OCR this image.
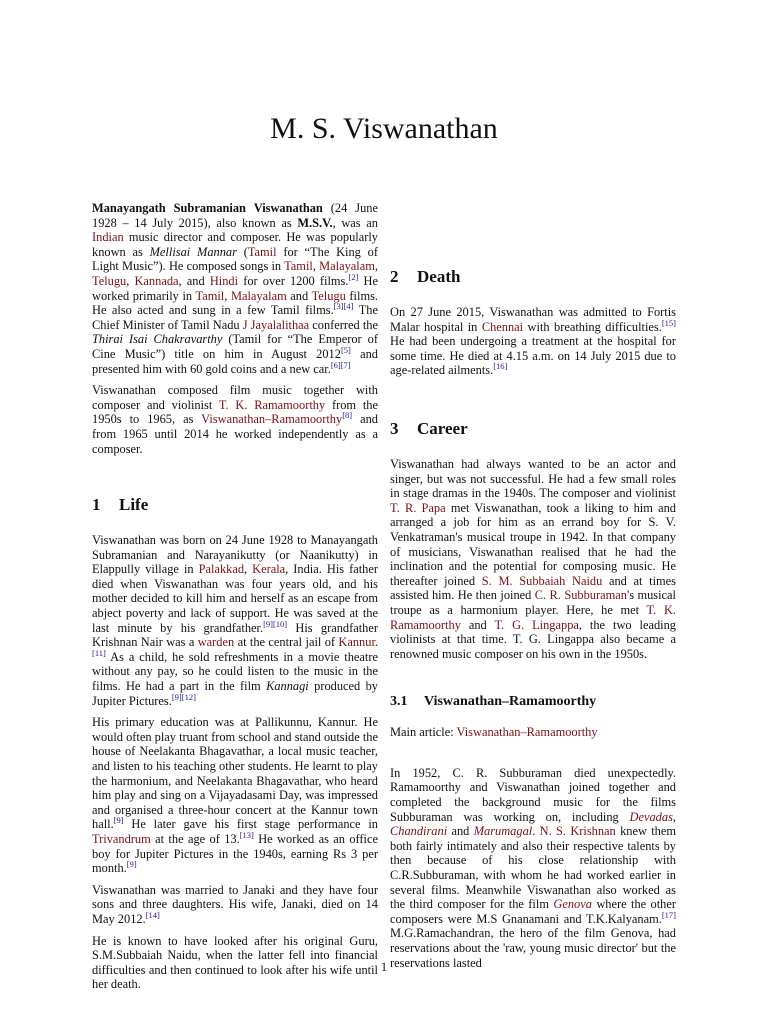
M. S. Viswanathan

Manayangath Subramanian Viswanathan (24 June 1928 – 14 July 2015), also known as M.S.V., was an Indian music director and composer. He was popularly known as Mellisai Mannar (Tamil for “The King of Light Music”). He composed songs in Tamil, Malayalam, Telugu, Kannada, and Hindi for over 1200 films.[2] He worked primarily in Tamil, Malayalam and Telugu films. He also acted and sung in a few Tamil films.[3][4] The Chief Minister of Tamil Nadu J Jayalalithaa conferred the Thirai Isai Chakravarthy (Tamil for “The Emperor of Cine Music”) title on him in August 2012[5] and presented him with 60 gold coins and a new car.[6][7]

Viswanathan composed film music together with composer and violinist T. K. Ramamoorthy from the 1950s to 1965, as Viswanathan–Ramamoorthy[8] and from 1965 until 2014 he worked independently as a composer.

1 Life

Viswanathan was born on 24 June 1928 to Manayangath Subramanian and Narayanikutty (or Naanikutty) in Elappully village in Palakkad, Kerala, India. His father died when Viswanathan was four years old, and his mother decided to kill him and herself as an escape from abject poverty and lack of support. He was saved at the last minute by his grandfather.[9][10] His grandfather Krishnan Nair was a warden at the central jail of Kannur.[11] As a child, he sold refreshments in a movie theatre without any pay, so he could listen to the music in the films. He had a part in the film Kannagi produced by Jupiter Pictures.[9][12]

His primary education was at Pallikunnu, Kannur. He would often play truant from school and stand outside the house of Neelakanta Bhagavathar, a local music teacher, and listen to his teaching other students. He learnt to play the harmonium, and Neelakanta Bhagavathar, who heard him play and sing on a Vijayadasami Day, was impressed and organised a three-hour concert at the Kannur town hall.[9] He later gave his first stage performance in Trivandrum at the age of 13.[13] He worked as an office boy for Jupiter Pictures in the 1940s, earning Rs 3 per month.[9]

Viswanathan was married to Janaki and they have four sons and three daughters. His wife, Janaki, died on 14 May 2012.[14]

He is known to have looked after his original Guru, S.M.Subbaiah Naidu, when the latter fell into financial difficulties and then continued to look after his wife until her death.

2 Death

On 27 June 2015, Viswanathan was admitted to Fortis Malar hospital in Chennai with breathing difficulties.[15] He had been undergoing a treatment at the hospital for some time. He died at 4.15 a.m. on 14 July 2015 due to age-related ailments.[16]

3 Career

Viswanathan had always wanted to be an actor and singer, but was not successful. He had a few small roles in stage dramas in the 1940s. The composer and violinist T. R. Papa met Viswanathan, took a liking to him and arranged a job for him as an errand boy for S. V. Venkatraman's musical troupe in 1942. In that company of musicians, Viswanathan realised that he had the inclination and the potential for composing music. He thereafter joined S. M. Subbaiah Naidu and at times assisted him. He then joined C. R. Subburaman's musical troupe as a harmonium player. Here, he met T. K. Ramamoorthy and T. G. Lingappa, the two leading violinists at that time. T. G. Lingappa also became a renowned music composer on his own in the 1950s.

3.1 Viswanathan–Ramamoorthy

Main article: Viswanathan–Ramamoorthy

In 1952, C. R. Subburaman died unexpectedly. Ramamoorthy and Viswanathan joined together and completed the background music for the films Subburaman was working on, including Devadas, Chandirani and Marumagal. N. S. Krishnan knew them both fairly intimately and also their respective talents by then because of his close relationship with C.R.Subburaman, with whom he had worked earlier in several films. Meanwhile Viswanathan also worked as the third composer for the film Genova where the other composers were M.S Gnanamani and T.K.Kalyanam.[17] M.G.Ramachandran, the hero of the film Genova, had reservations about the 'raw, young music director' but the reservations lasted

1
